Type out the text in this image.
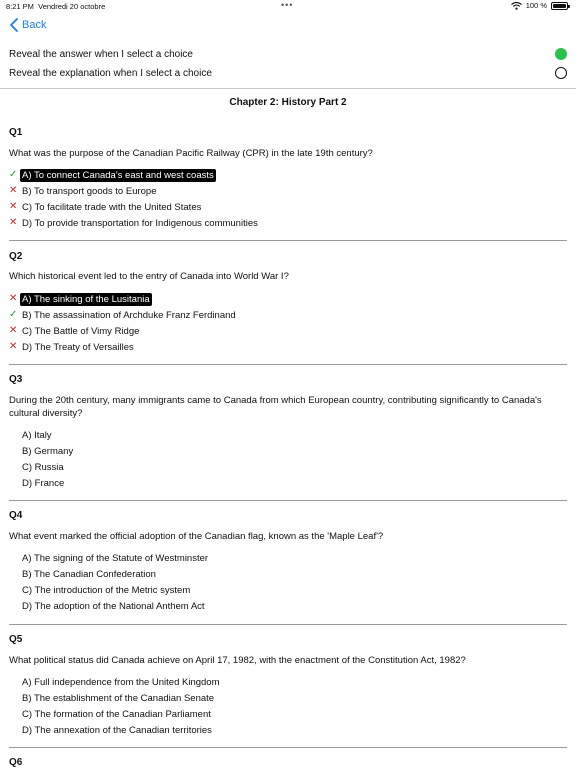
8:21 PM Vendredi 20 octobre	•••	100 %
Back
Reveal the answer when I select a choice
Reveal the explanation when I select a choice
Chapter 2: History Part 2
Q1
What was the purpose of the Canadian Pacific Railway (CPR) in the late 19th century?
✓ A) To connect Canada's east and west coasts
✕ B) To transport goods to Europe
✕ C) To facilitate trade with the United States
✕ D) To provide transportation for Indigenous communities
Q2
Which historical event led to the entry of Canada into World War I?
✕ A) The sinking of the Lusitania
✓ B) The assassination of Archduke Franz Ferdinand
✕ C) The Battle of Vimy Ridge
✕ D) The Treaty of Versailles
Q3
During the 20th century, many immigrants came to Canada from which European country, contributing significantly to Canada's cultural diversity?
A) Italy
B) Germany
C) Russia
D) France
Q4
What event marked the official adoption of the Canadian flag, known as the 'Maple Leaf'?
A) The signing of the Statute of Westminster
B) The Canadian Confederation
C) The introduction of the Metric system
D) The adoption of the National Anthem Act
Q5
What political status did Canada achieve on April 17, 1982, with the enactment of the Constitution Act, 1982?
A) Full independence from the United Kingdom
B) The establishment of the Canadian Senate
C) The formation of the Canadian Parliament
D) The annexation of the Canadian territories
Q6
